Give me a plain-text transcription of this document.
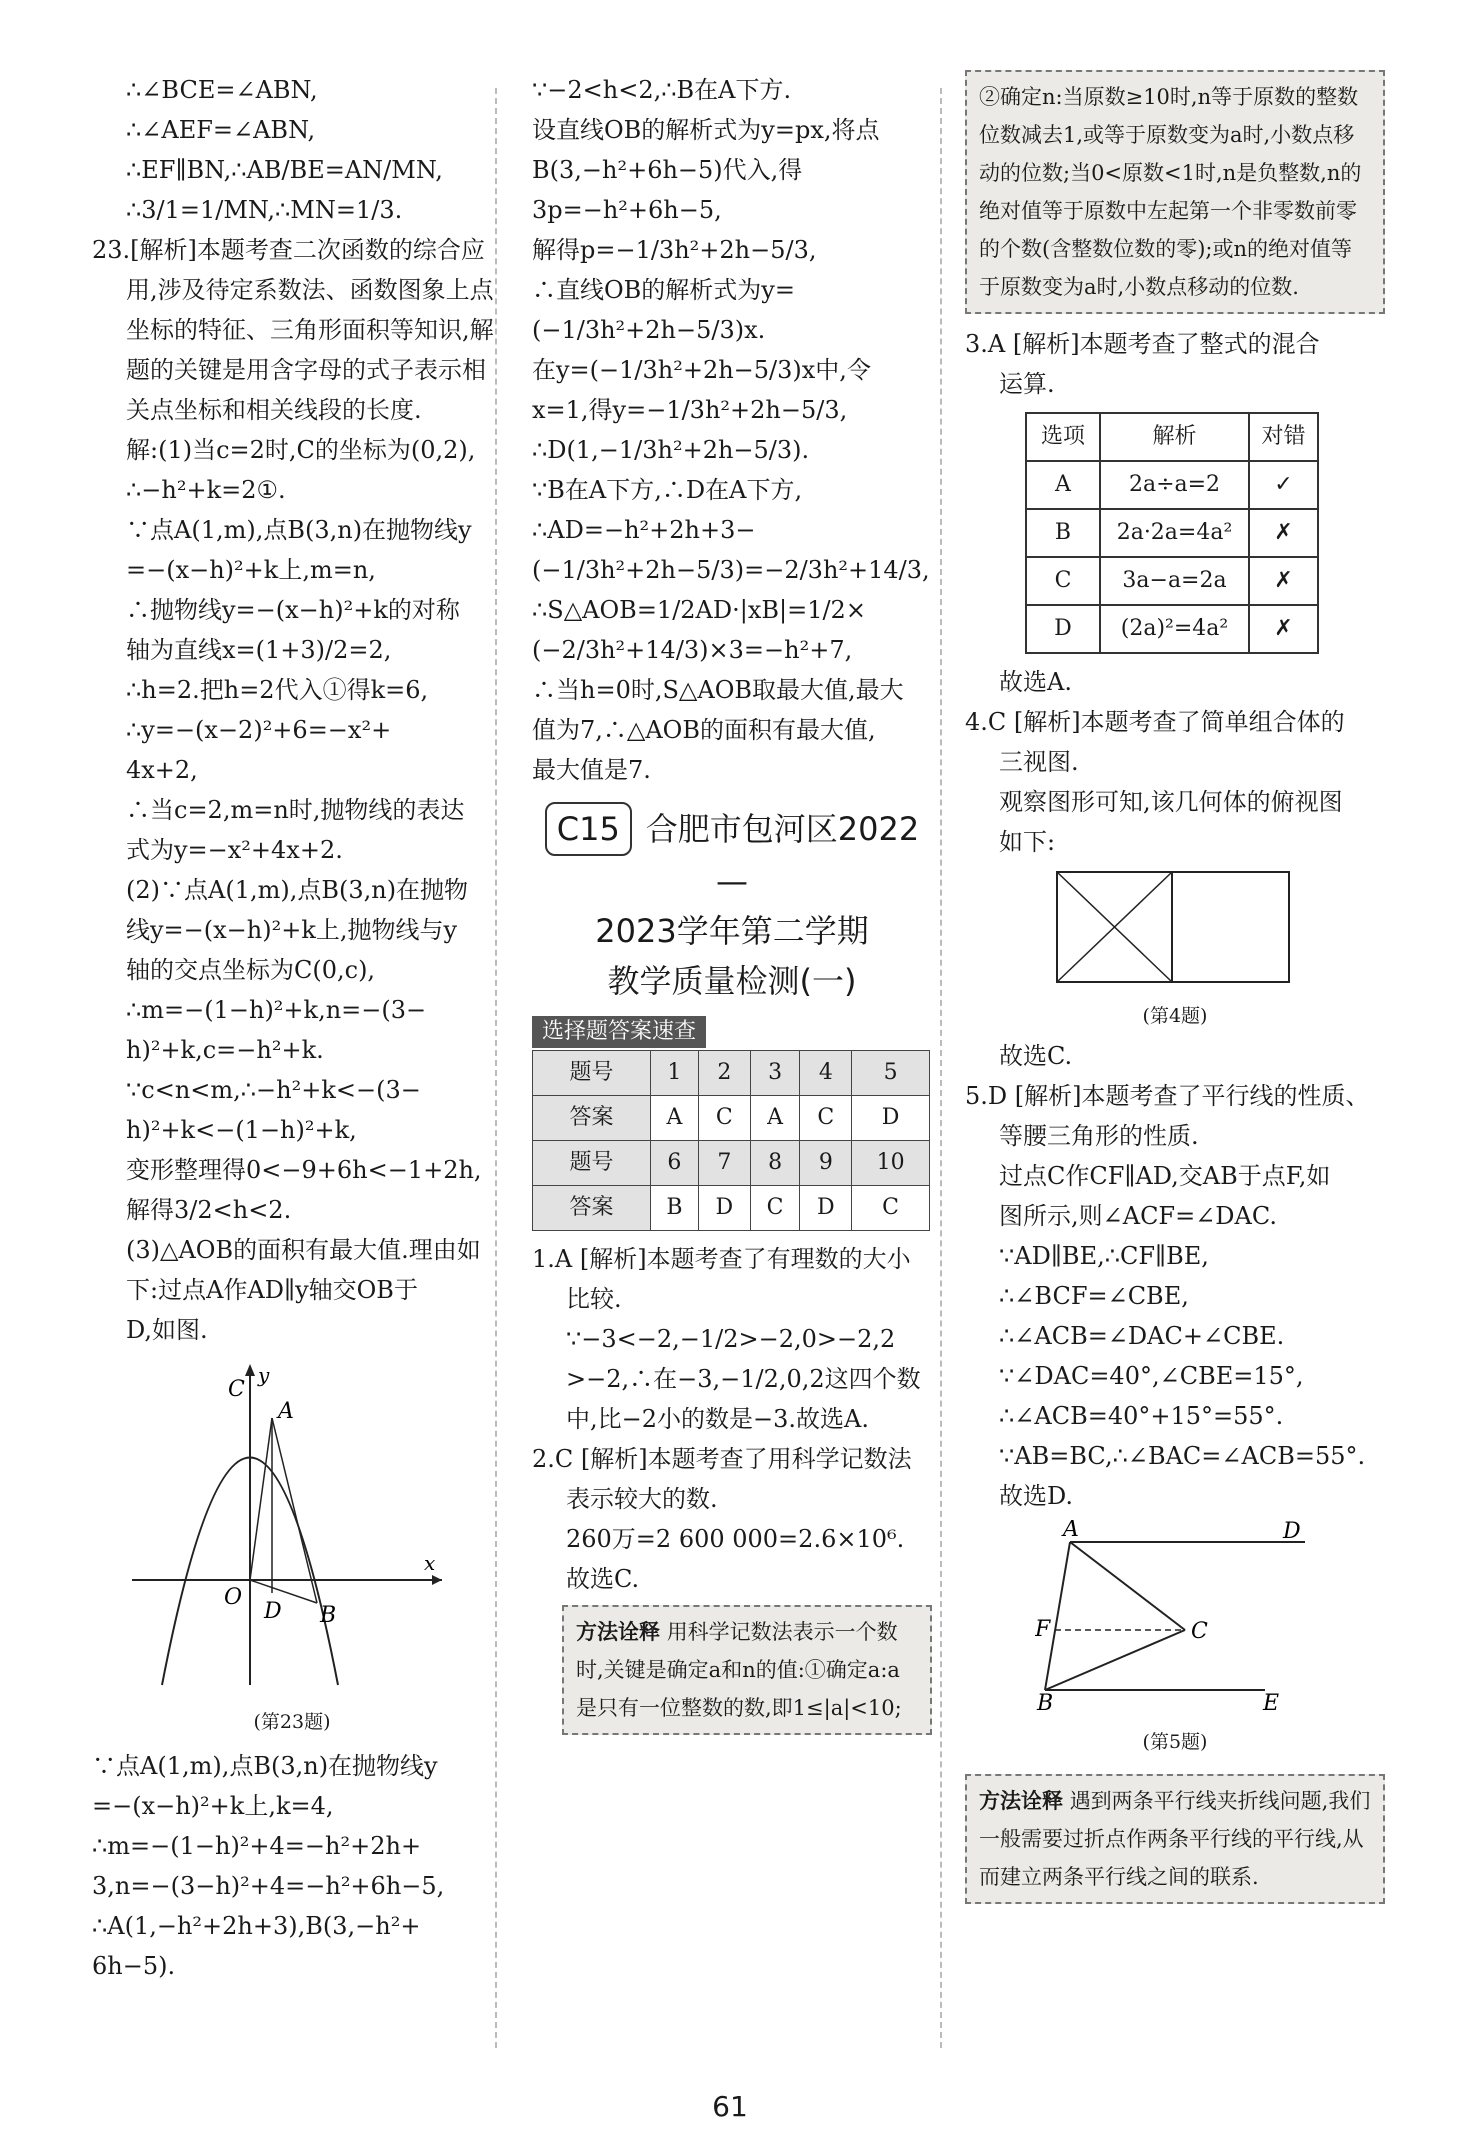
∴∠BCE=∠ABN,

∴∠AEF=∠ABN,

∴EF∥BN,∴AB/BE=AN/MN,

∴3/1=1/MN,∴MN=1/3.

23.[解析]本题考查二次函数的综合应

用,涉及待定系数法、函数图象上点

坐标的特征、三角形面积等知识,解

题的关键是用含字母的式子表示相

关点坐标和相关线段的长度.

解:(1)当c=2时,C的坐标为(0,2),

∴−h²+k=2①.

∵点A(1,m),点B(3,n)在抛物线y

=−(x−h)²+k上,m=n,

∴抛物线y=−(x−h)²+k的对称

轴为直线x=(1+3)/2=2,

∴h=2.把h=2代入①得k=6,

∴y=−(x−2)²+6=−x²+

4x+2,

∴当c=2,m=n时,抛物线的表达

式为y=−x²+4x+2.

(2)∵点A(1,m),点B(3,n)在抛物

线y=−(x−h)²+k上,抛物线与y

轴的交点坐标为C(0,c),

∴m=−(1−h)²+k,n=−(3−

h)²+k,c=−h²+k.

∵c<n<m,∴−h²+k<−(3−

h)²+k<−(1−h)²+k,

变形整理得0<−9+6h<−1+2h,

解得3/2<h<2.

(3)△AOB的面积有最大值.理由如

下:过点A作AD∥y轴交OB于

D,如图.

C
y
A
x
O
D B
(第23题)

∵点A(1,m),点B(3,n)在抛物线y

=−(x−h)²+k上,k=4,

∴m=−(1−h)²+4=−h²+2h+

3,n=−(3−h)²+4=−h²+6h−5,

∴A(1,−h²+2h+3),B(3,−h²+

6h−5).

∵−2<h<2,∴B在A下方.

设直线OB的解析式为y=px,将点

B(3,−h²+6h−5)代入,得

3p=−h²+6h−5,

解得p=−1/3h²+2h−5/3,

∴直线OB的解析式为y=

(−1/3h²+2h−5/3)x.

在y=(−1/3h²+2h−5/3)x中,令

x=1,得y=−1/3h²+2h−5/3,

∴D(1,−1/3h²+2h−5/3).

∵B在A下方,∴D在A下方,

∴AD=−h²+2h+3−

(−1/3h²+2h−5/3)=−2/3h²+14/3,

∴S△AOB=1/2AD·|xB|=1/2×

(−2/3h²+14/3)×3=−h²+7,

∴当h=0时,S△AOB取最大值,最大

值为7,∴△AOB的面积有最大值,

最大值是7.

C15 合肥市包河区2022—
2023学年第二学期
教学质量检测(一)
选择题答案速查
题号	1	2	3	4	5
答案	A	C	A	C	D
题号	6	7	8	9	10
答案	B	D	C	D	C

1.A [解析]本题考查了有理数的大小

比较.

∵−3<−2,−1/2>−2,0>−2,2

>−2,∴在−3,−1/2,0,2这四个数

中,比−2小的数是−3.故选A.

2.C [解析]本题考查了用科学记数法

表示较大的数.

260万=2 600 000=2.6×10⁶.

故选C.

方法诠释 用科学记数法表示一个数时,关键是确定a和n的值:①确定a:a是只有一位整数的数,即1≤|a|<10;

②确定n:当原数≥10时,n等于原数的整数位数减去1,或等于原数变为a时,小数点移动的位数;当0<原数<1时,n是负整数,n的绝对值等于原数中左起第一个非零数前零的个数(含整数位数的零);或n的绝对值等于原数变为a时,小数点移动的位数.

3.A [解析]本题考查了整式的混合

运算.

选项	解析	对错
A	2a÷a=2	✓
B	2a·2a=4a²	✗
C	3a−a=2a	✗
D	(2a)²=4a²	✗

故选A.

4.C [解析]本题考查了简单组合体的

三视图.

观察图形可知,该几何体的俯视图

如下:

(第4题)

故选C.

5.D [解析]本题考查了平行线的性质、

等腰三角形的性质.

过点C作CF∥AD,交AB于点F,如

图所示,则∠ACF=∠DAC.

∵AD∥BE,∴CF∥BE,

∴∠BCF=∠CBE,

∴∠ACB=∠DAC+∠CBE.

∵∠DAC=40°,∠CBE=15°,

∴∠ACB=40°+15°=55°.

∵AB=BC,∴∠BAC=∠ACB=55°.

故选D.

A	D
F	C
B	E
(第5题)

方法诠释 遇到两条平行线夹折线问题,我们一般需要过折点作两条平行线的平行线,从而建立两条平行线之间的联系.

61
